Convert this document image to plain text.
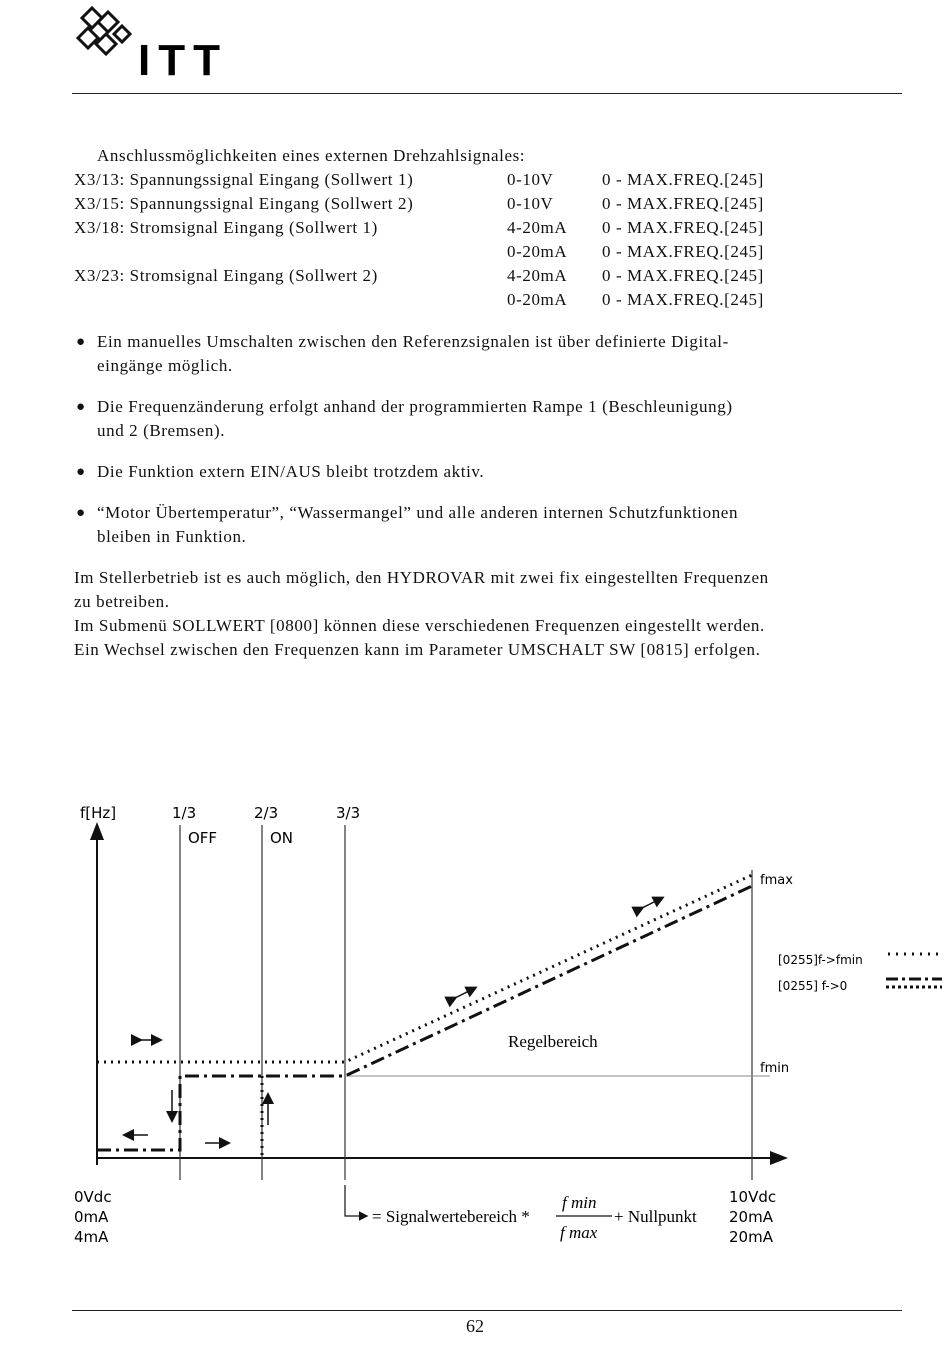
ITT
Anschlussmöglichkeiten eines externen Drehzahlsignales:
X3/13: Spannungssignal Eingang (Sollwert 1)	0-10V	0 - MAX.FREQ.[245]
X3/15: Spannungssignal Eingang (Sollwert 2)	0-10V	0 - MAX.FREQ.[245]
X3/18: Stromsignal Eingang (Sollwert 1)	4-20mA 0 - MAX.FREQ.[245]
0-20mA 0 - MAX.FREQ.[245]
X3/23: Stromsignal Eingang (Sollwert 2)	4-20mA 0 - MAX.FREQ.[245]
0-20mA 0 - MAX.FREQ.[245]
● Ein manuelles Umschalten zwischen den Referenzsignalen ist über definierte Digital-
eingänge möglich.
● Die Frequenzänderung erfolgt anhand der programmierten Rampe 1 (Beschleunigung)
und 2 (Bremsen).
● Die Funktion extern EIN/AUS bleibt trotzdem aktiv.
● “Motor Übertemperatur”, “Wassermangel” und alle anderen internen Schutzfunktionen
bleiben in Funktion.
Im Stellerbetrieb ist es auch möglich, den HYDROVAR mit zwei fix eingestellten Frequenzen
zu betreiben.
Im Submenü SOLLWERT [0800] können diese verschiedenen Frequenzen eingestellt werden.
Ein Wechsel zwischen den Frequenzen kann im Parameter UMSCHALT SW [0815] erfolgen.
f[Hz]	1/3
OFF
2/3
ON
3/3
fmin
fmax
Regelbereich
[0255]f->fmin
[0255] f->0
0Vdc
0mA
4mA
10Vdc
20mA
20mA
= Signalwertebereich *
f min
f max
+ Nullpunkt
62
